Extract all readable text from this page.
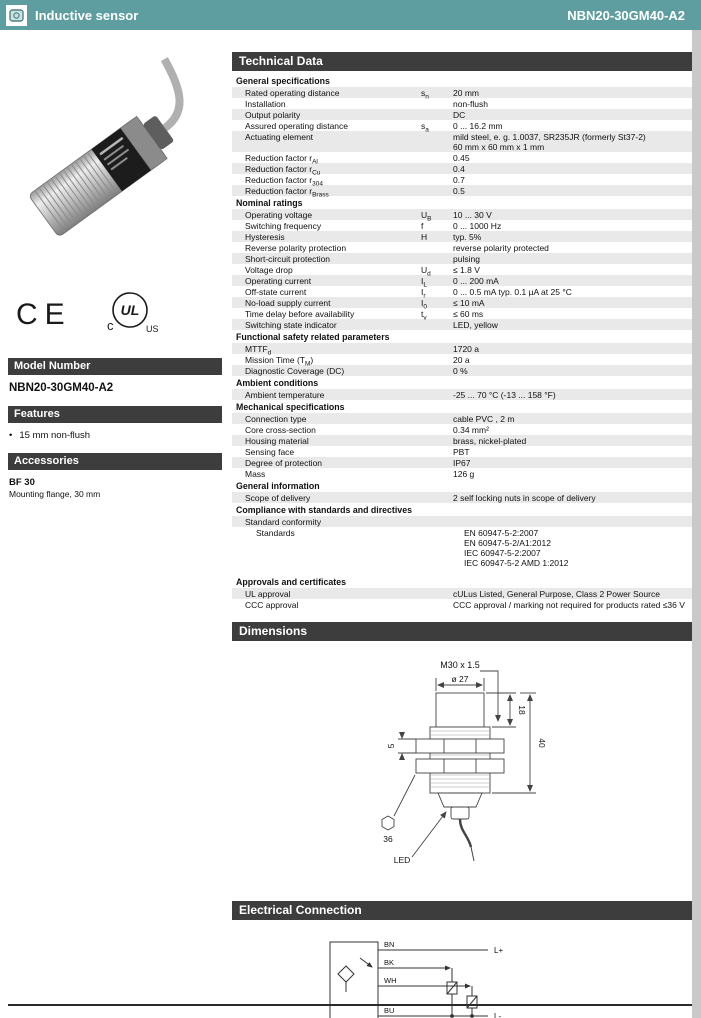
Inductive sensor	NBN20-30GM40-A2
CE	UL
c	US
Model Number
NBN20-30GM40-A2
Features
• 15 mm non-flush
Accessories
BF 30
Mounting flange, 30 mm
Technical Data
General specifications
Rated operating distance	$s_n$	20 mm
Installation	non-flush
Output polarity	DC
Assured operating distance	$s_a$	0 ... 16.2 mm
Actuating element	mild steel, e. g. 1.0037, SR235JR (formerly St37-2)
60 mm x 60 mm x 1 mm
Reduction factor $r_{Al}$	0.45
Reduction factor $r_{Cu}$	0.4
Reduction factor $r_{304}$	0.7
Reduction factor $r_{Brass}$	0.5
Nominal ratings
Operating voltage	$U_B$	10 ... 30 V
Switching frequency	f	0 ... 1000 Hz
Hysteresis	H	typ. 5%
Reverse polarity protection	reverse polarity protected
Short-circuit protection	pulsing
Voltage drop	$U_d$	≤ 1.8 V
Operating current	$I_L$	0 ... 200 mA
Off-state current	$I_r$	0 ... 0.5 mA typ. 0.1 µA at 25 °C
No-load supply current	$I_0$	≤ 10 mA
Time delay before availability	$t_v$	≤ 60 ms
Switching state indicator	LED, yellow
Functional safety related parameters
$MTTF_d$	1720 a
Mission Time $(T_M)$	20 a
Diagnostic Coverage (DC)	0 %
Ambient conditions
Ambient temperature	-25 ... 70 °C (-13 ... 158 °F)
Mechanical specifications
Connection type	cable PVC , 2 m
Core cross-section	0.34 mm²
Housing material	brass, nickel-plated
Sensing face	PBT
Degree of protection	IP67
Mass	126 g
General information
Scope of delivery	2 self locking nuts in scope of delivery
Compliance with standards and directives
Standard conformity
Standards	EN 60947-5-2:2007
EN 60947-5-2/A1:2012
IEC 60947-5-2:2007
IEC 60947-5-2 AMD 1:2012
Approvals and certificates
UL approval	cULus Listed, General Purpose, Class 2 Power Source
CCC approval	CCC approval / marking not required for products rated ≤36 V
Dimensions
M30 x 1.5
ø 27
18
40
5
36
LED
Electrical Connection
BN
L+
BK
WH
BU
L-
